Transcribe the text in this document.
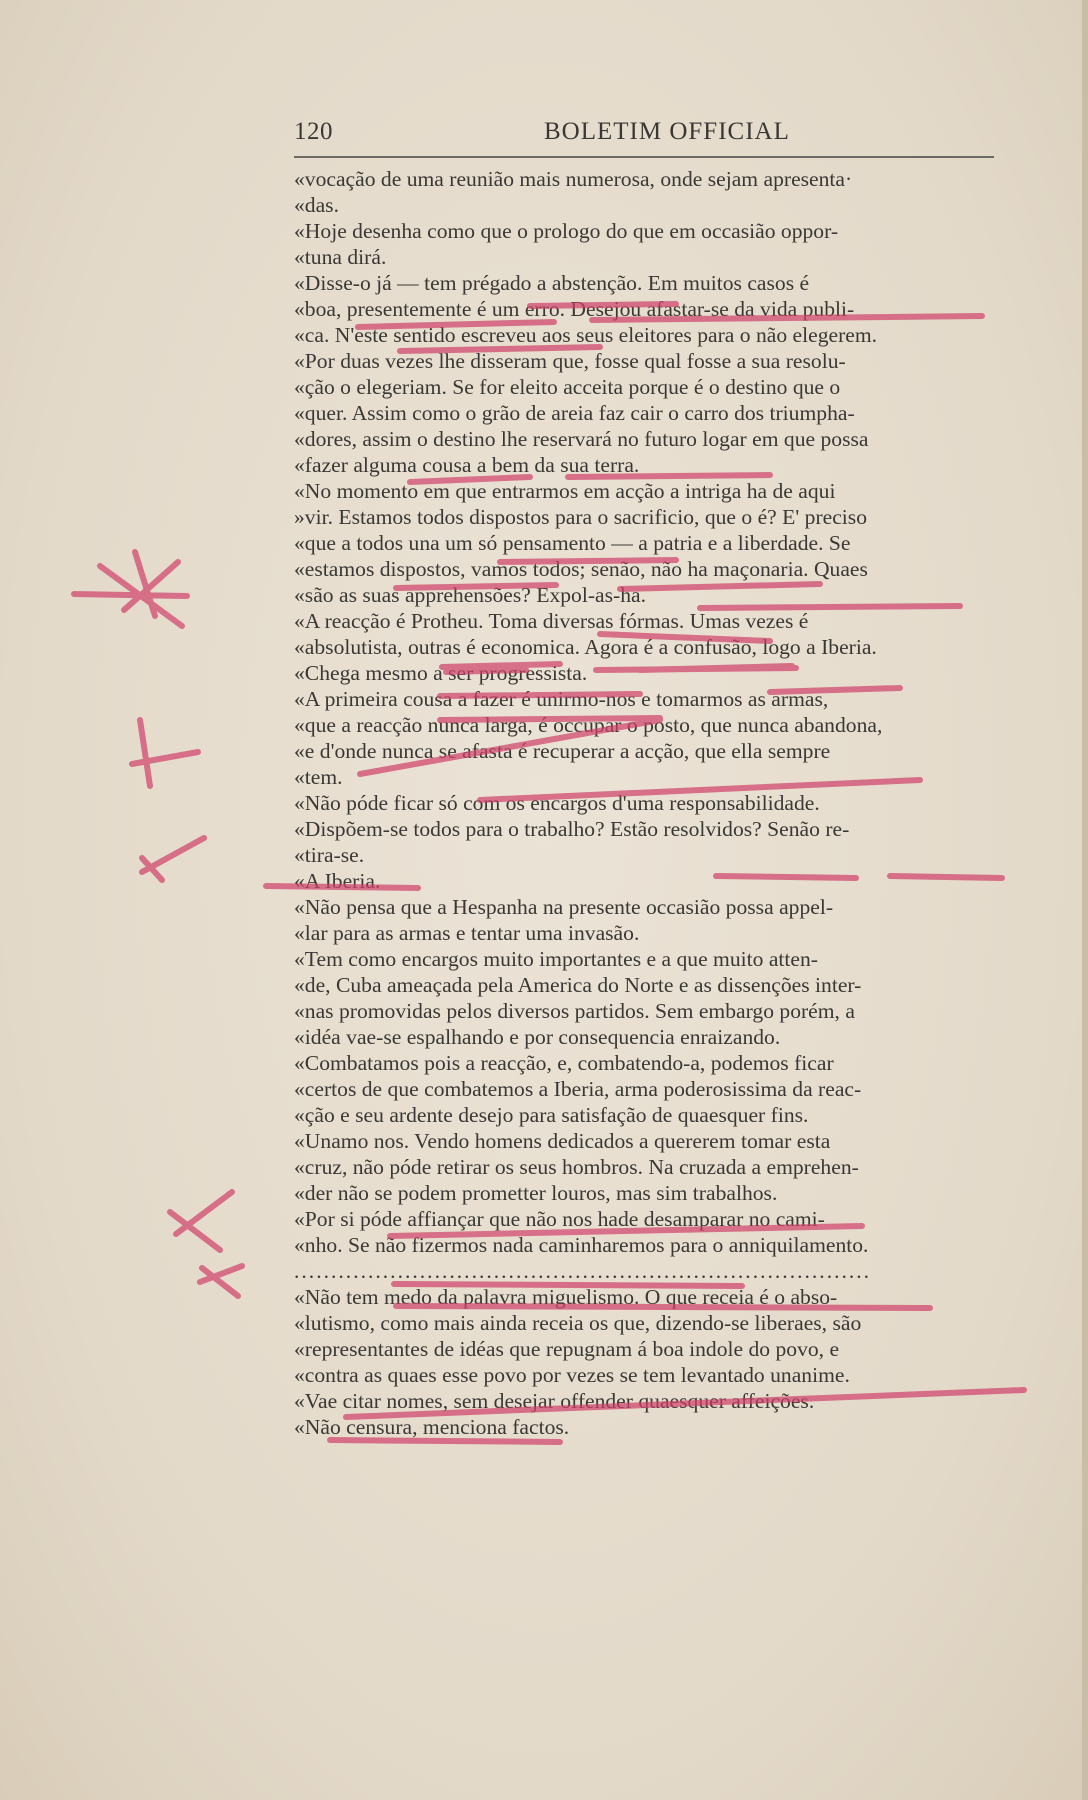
120	BOLETIM OFFICIAL
«vocação de uma reunião mais numerosa, onde sejam apresenta·
«das.
«Hoje desenha como que o prologo do que em occasião oppor-
«tuna dirá.
«Disse-o já — tem prégado a abstenção. Em muitos casos é
«boa, presentemente é um erro. Desejou afastar-se da vida publi-
«ca. N'este sentido escreveu aos seus eleitores para o não elegerem.
«Por duas vezes lhe disseram que, fosse qual fosse a sua resolu-
«ção o elegeriam. Se for eleito acceita porque é o destino que o
«quer. Assim como o grão de areia faz cair o carro dos triumpha-
«dores, assim o destino lhe reservará no futuro logar em que possa
«fazer alguma cousa a bem da sua terra.
«No momento em que entrarmos em acção a intriga ha de aqui
»vir. Estamos todos dispostos para o sacrificio, que o é? E' preciso
«que a todos una um só pensamento — a patria e a liberdade. Se
«estamos dispostos, vamos todos; senão, não ha maçonaria. Quaes
«são as suas apprehensões? Expol-as-ha.
«A reacção é Protheu. Toma diversas fórmas. Umas vezes é
«absolutista, outras é economica. Agora é a confusão, logo a Iberia.
«Chega mesmo a ser progressista.
«A primeira cousa a fazer é unirmo-nos e tomarmos as armas,
«que a reacção nunca larga, é occupar o posto, que nunca abandona,
«e d'onde nunca se afasta é recuperar a acção, que ella sempre
«tem.
«Não póde ficar só com os encargos d'uma responsabilidade.
«Dispõem-se todos para o trabalho? Estão resolvidos? Senão re-
«tira-se.
«A Iberia.
«Não pensa que a Hespanha na presente occasião possa appel-
«lar para as armas e tentar uma invasão.
«Tem como encargos muito importantes e a que muito atten-
«de, Cuba ameaçada pela America do Norte e as dissenções inter-
«nas promovidas pelos diversos partidos. Sem embargo porém, a
«idéa vae-se espalhando e por consequencia enraizando.
«Combatamos pois a reacção, e, combatendo-a, podemos ficar
«certos de que combatemos a Iberia, arma poderosissima da reac-
«ção e seu ardente desejo para satisfação de quaesquer fins.
«Unamo nos. Vendo homens dedicados a quererem tomar esta
«cruz, não póde retirar os seus hombros. Na cruzada a emprehen-
«der não se podem prometter louros, mas sim trabalhos.
«Por si póde affiançar que não nos hade desamparar no cami-
«nho. Se não fizermos nada caminharemos para o anniquilamento.
..............................................................................
«Não tem medo da palavra miguelismo. O que receia é o abso-
«lutismo, como mais ainda receia os que, dizendo-se liberaes, são
«representantes de idéas que repugnam á boa indole do povo, e
«contra as quaes esse povo por vezes se tem levantado unanime.
«Vae citar nomes, sem desejar offender quaesquer affeições.
«Não censura, menciona factos.
